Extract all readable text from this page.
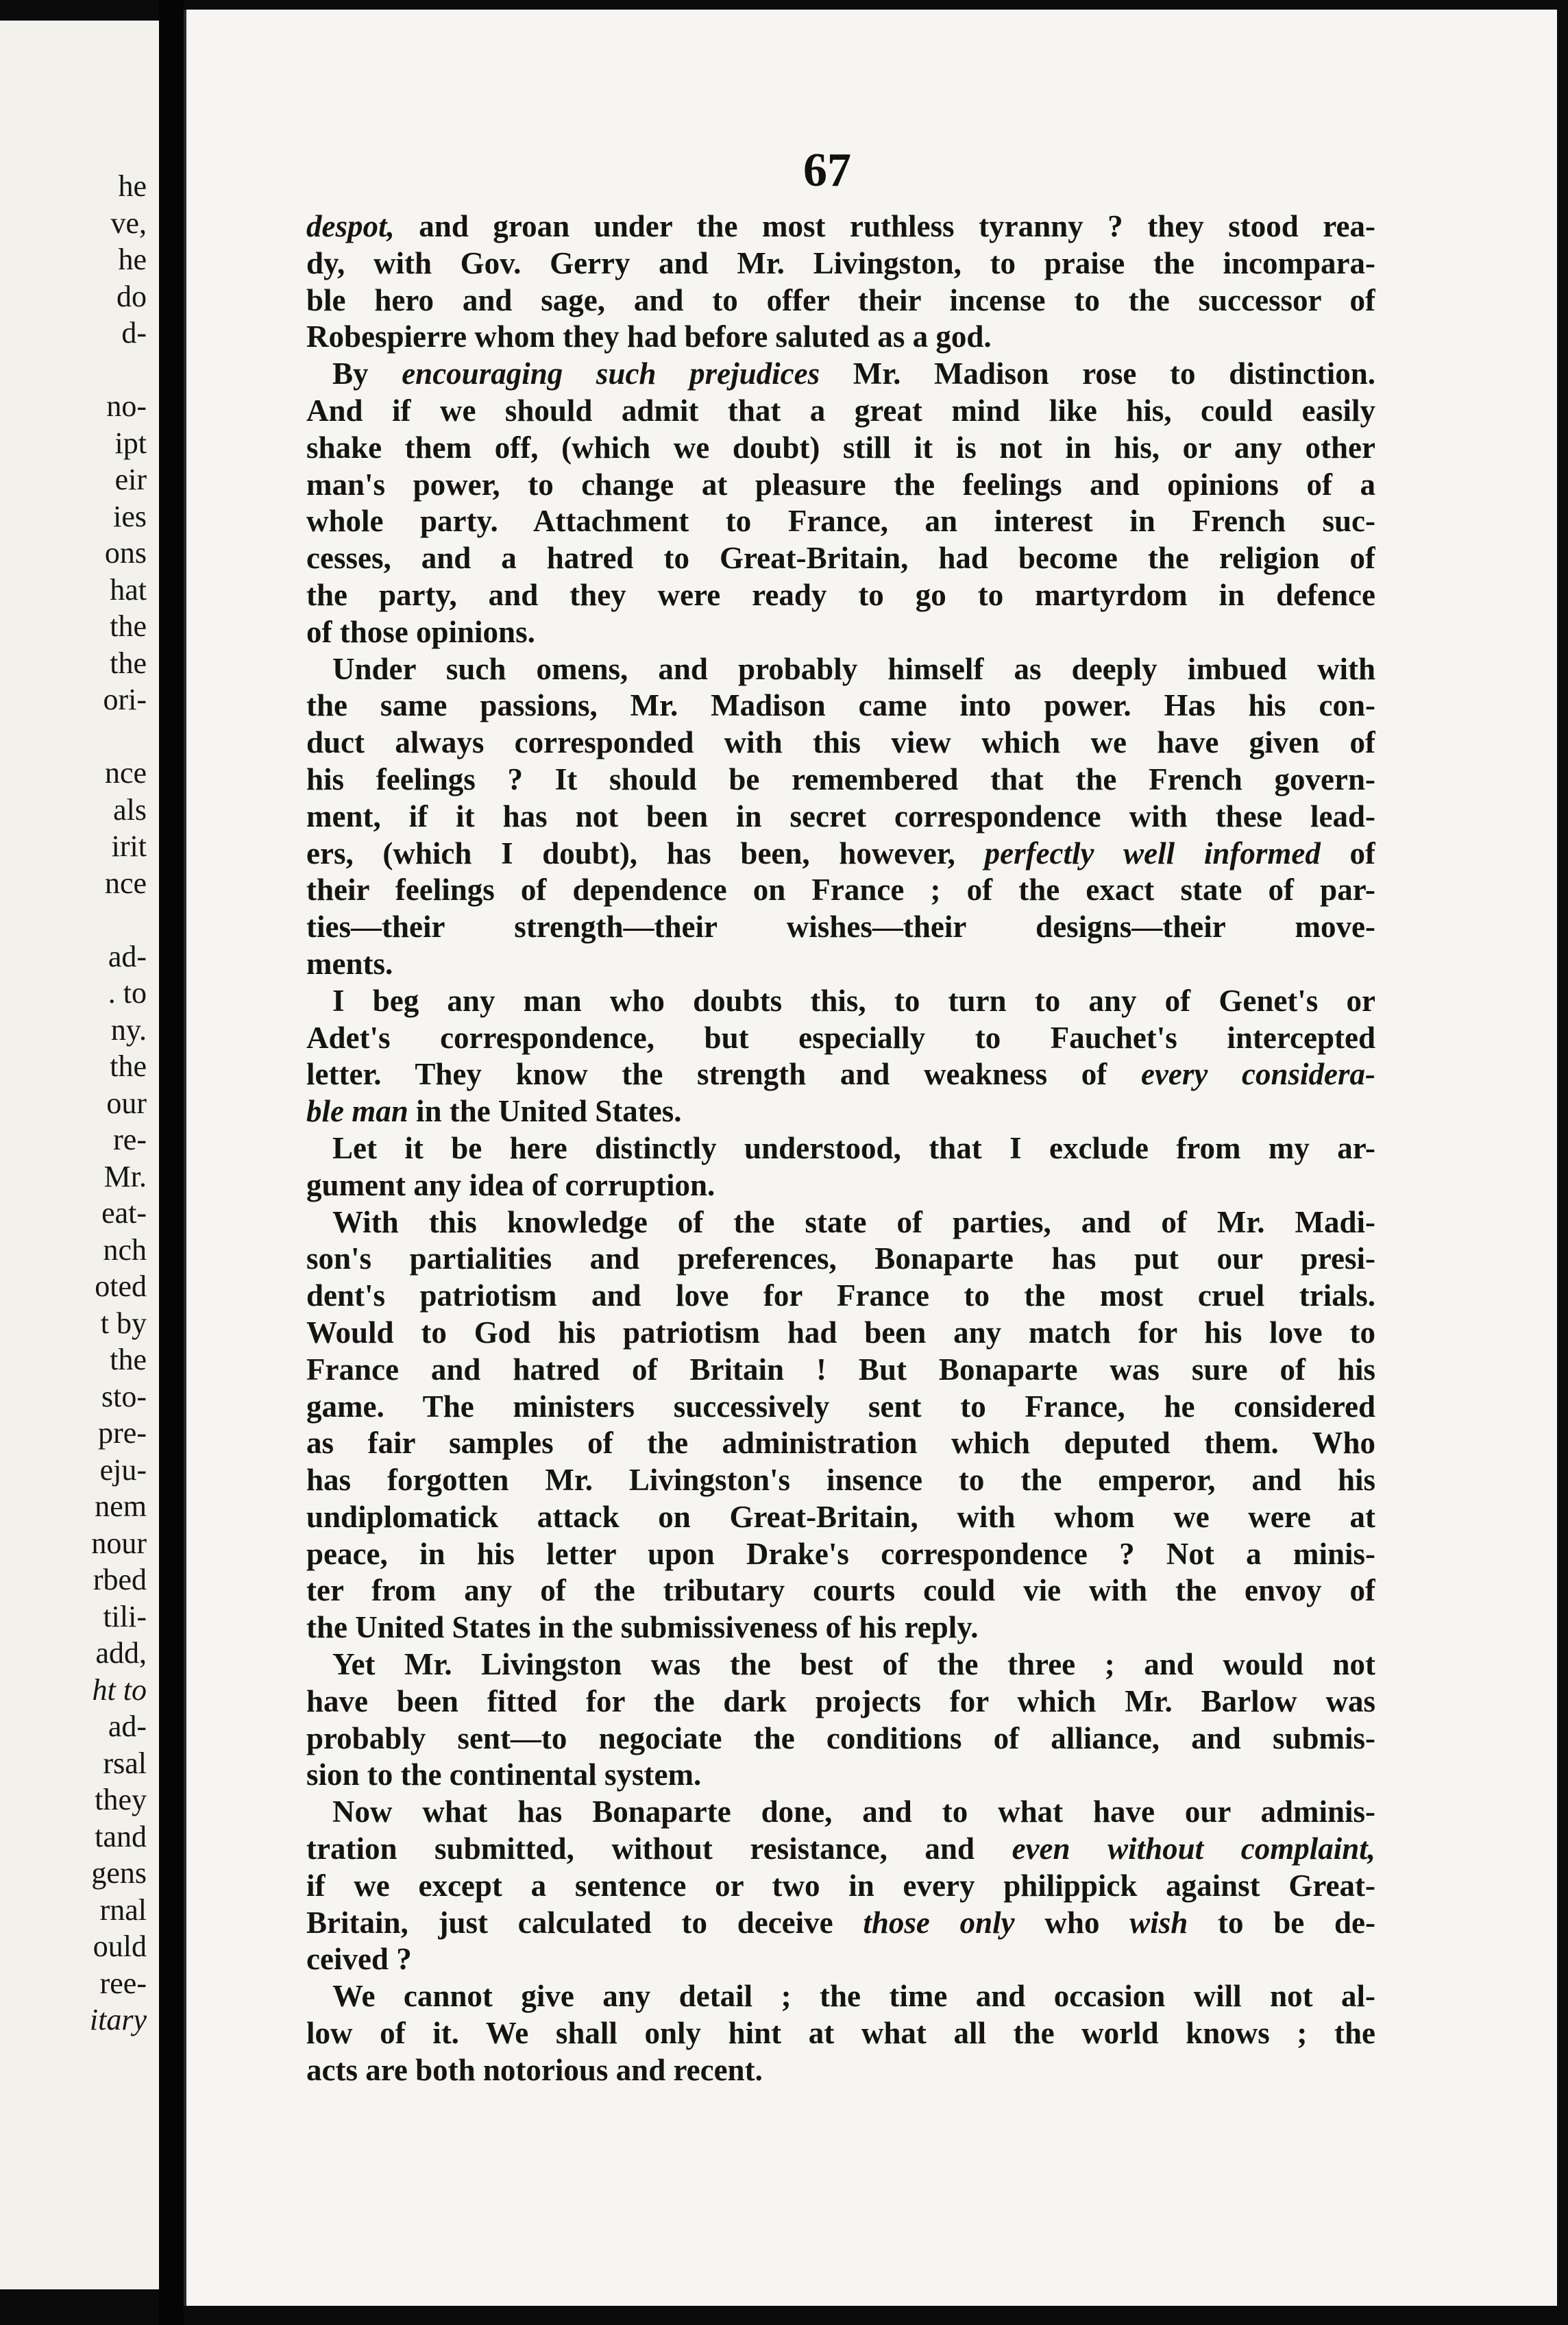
he
ve,
he
do
d-
no-
ipt
eir
ies
ons
hat
the
the
ori-
nce
als
irit
nce
ad-
. to
ny.
the
our
re-
Mr.
eat-
nch
oted
t by
the
sto-
pre-
eju-
nem
nour
rbed
tili-
add,
ht to
ad-
rsal
they
tand
gens
rnal
ould
ree-
itary
67
despot, and groan under the most ruthless tyranny ? they stood rea-
dy, with Gov. Gerry and Mr. Livingston, to praise the incompara-
ble hero and sage, and to offer their incense to the successor of
Robespierre whom they had before saluted as a god.
By encouraging such prejudices Mr. Madison rose to distinction.
And if we should admit that a great mind like his, could easily
shake them off, (which we doubt) still it is not in his, or any other
man's power, to change at pleasure the feelings and opinions of a
whole party. Attachment to France, an interest in French suc-
cesses, and a hatred to Great-Britain, had become the religion of
the party, and they were ready to go to martyrdom in defence
of those opinions.
Under such omens, and probably himself as deeply imbued with
the same passions, Mr. Madison came into power. Has his con-
duct always corresponded with this view which we have given of
his feelings ? It should be remembered that the French govern-
ment, if it has not been in secret correspondence with these lead-
ers, (which I doubt), has been, however, perfectly well informed of
their feelings of dependence on France ; of the exact state of par-
ties—their strength—their wishes—their designs—their move-
ments.
I beg any man who doubts this, to turn to any of Genet's or
Adet's correspondence, but especially to Fauchet's intercepted
letter. They know the strength and weakness of every considera-
ble man in the United States.
Let it be here distinctly understood, that I exclude from my ar-
gument any idea of corruption.
With this knowledge of the state of parties, and of Mr. Madi-
son's partialities and preferences, Bonaparte has put our presi-
dent's patriotism and love for France to the most cruel trials.
Would to God his patriotism had been any match for his love to
France and hatred of Britain ! But Bonaparte was sure of his
game. The ministers successively sent to France, he considered
as fair samples of the administration which deputed them. Who
has forgotten Mr. Livingston's insence to the emperor, and his
undiplomatick attack on Great-Britain, with whom we were at
peace, in his letter upon Drake's correspondence ? Not a minis-
ter from any of the tributary courts could vie with the envoy of
the United States in the submissiveness of his reply.
Yet Mr. Livingston was the best of the three ; and would not
have been fitted for the dark projects for which Mr. Barlow was
probably sent—to negociate the conditions of alliance, and submis-
sion to the continental system.
Now what has Bonaparte done, and to what have our adminis-
tration submitted, without resistance, and even without complaint,
if we except a sentence or two in every philippick against Great-
Britain, just calculated to deceive those only who wish to be de-
ceived ?
We cannot give any detail ; the time and occasion will not al-
low of it. We shall only hint at what all the world knows ; the
acts are both notorious and recent.
